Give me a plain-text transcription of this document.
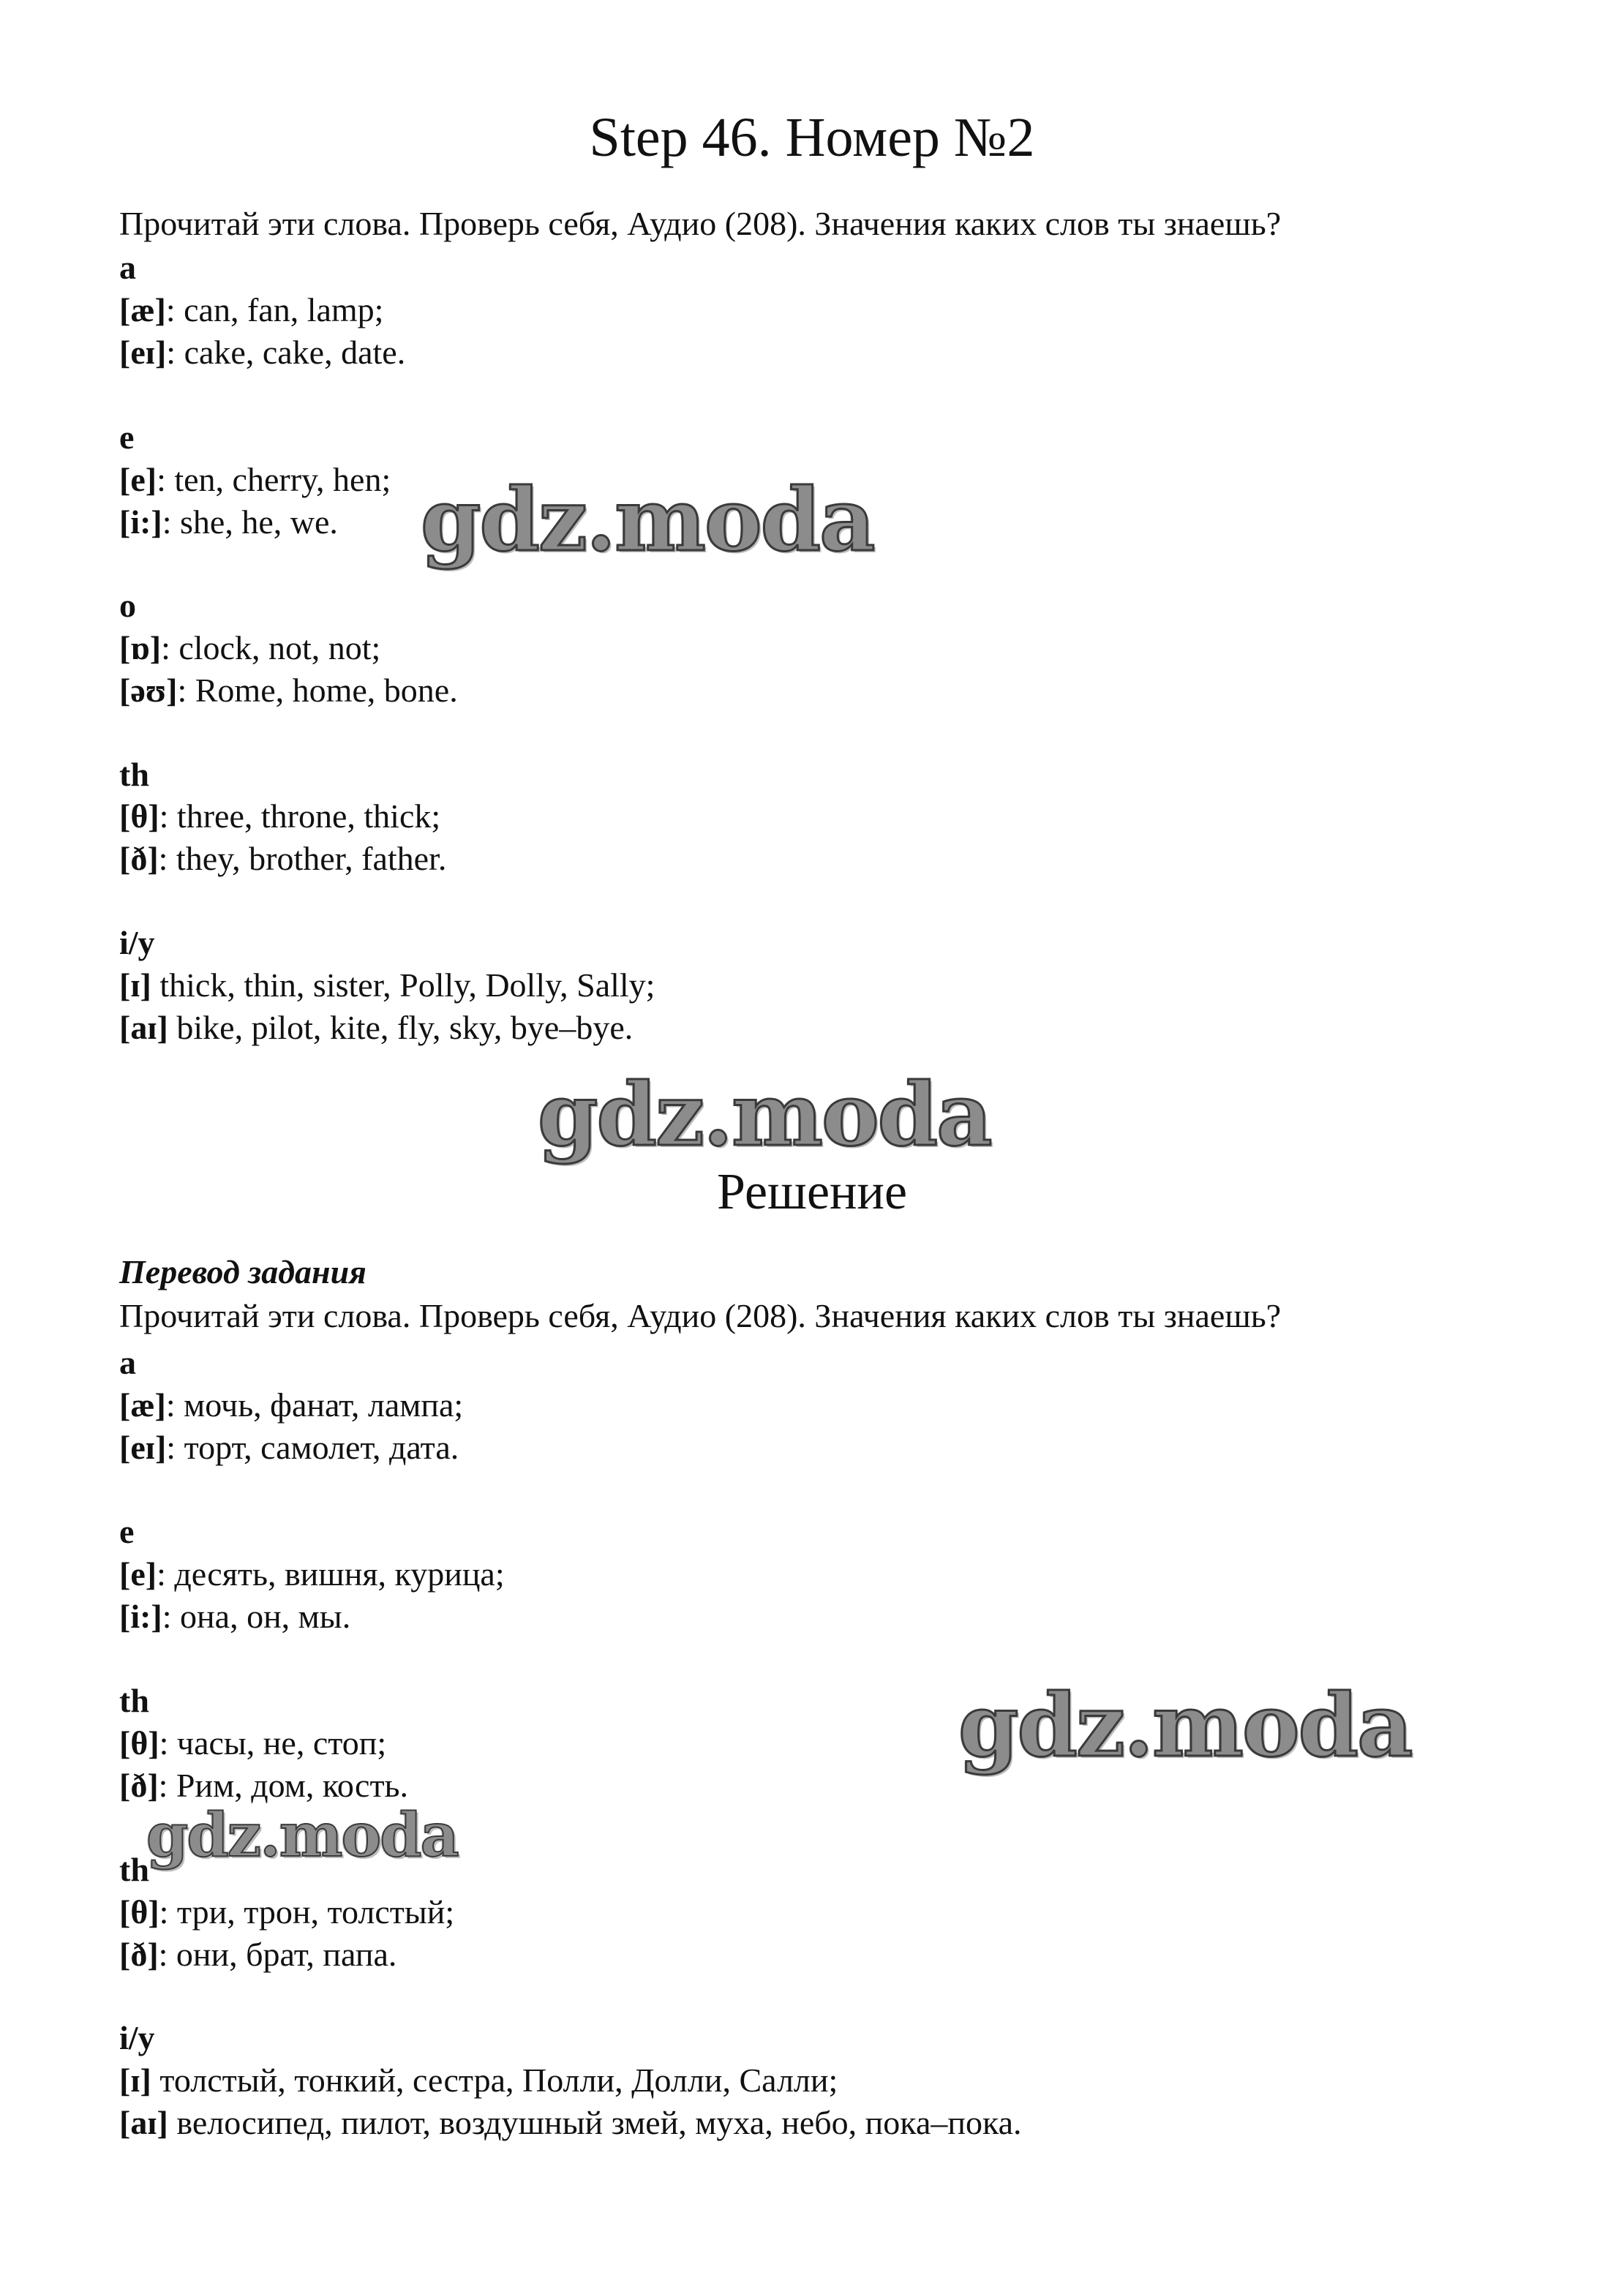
Step 46. Номер №2
Прочитай эти слова. Проверь себя, Аудио (208). Значения каких слов ты знаешь?
a
[æ]: can, fan, lamp;
[eɪ]: cake, cake, date.
e
[e]: ten, cherry, hen;
[i:]: she, he, we.
o
[ɒ]: clock, not, not;
[əʊ]: Rome, home, bone.
th
[θ]: three, throne, thick;
[ð]: they, brother, father.
i/y
[ɪ] thick, thin, sister, Polly, Dolly, Sally;
[aɪ] bike, pilot, kite, fly, sky, bye–bye.
Решение
Перевод задания
Прочитай эти слова. Проверь себя, Аудио (208). Значения каких слов ты знаешь?
a
[æ]: мочь, фанат, лампа;
[eɪ]: торт, самолет, дата.
e
[e]: десять, вишня, курица;
[i:]: она, он, мы.
th
[θ]: часы, не, стоп;
[ð]: Рим, дом, кость.
th
[θ]: три, трон, толстый;
[ð]: они, брат, папа.
i/y
[ɪ] толстый, тонкий, сестра, Полли, Долли, Салли;
[aɪ] велосипед, пилот, воздушный змей, муха, небо, пока–пока.
gdz.moda
gdz.moda
gdz.moda
gdz.moda
